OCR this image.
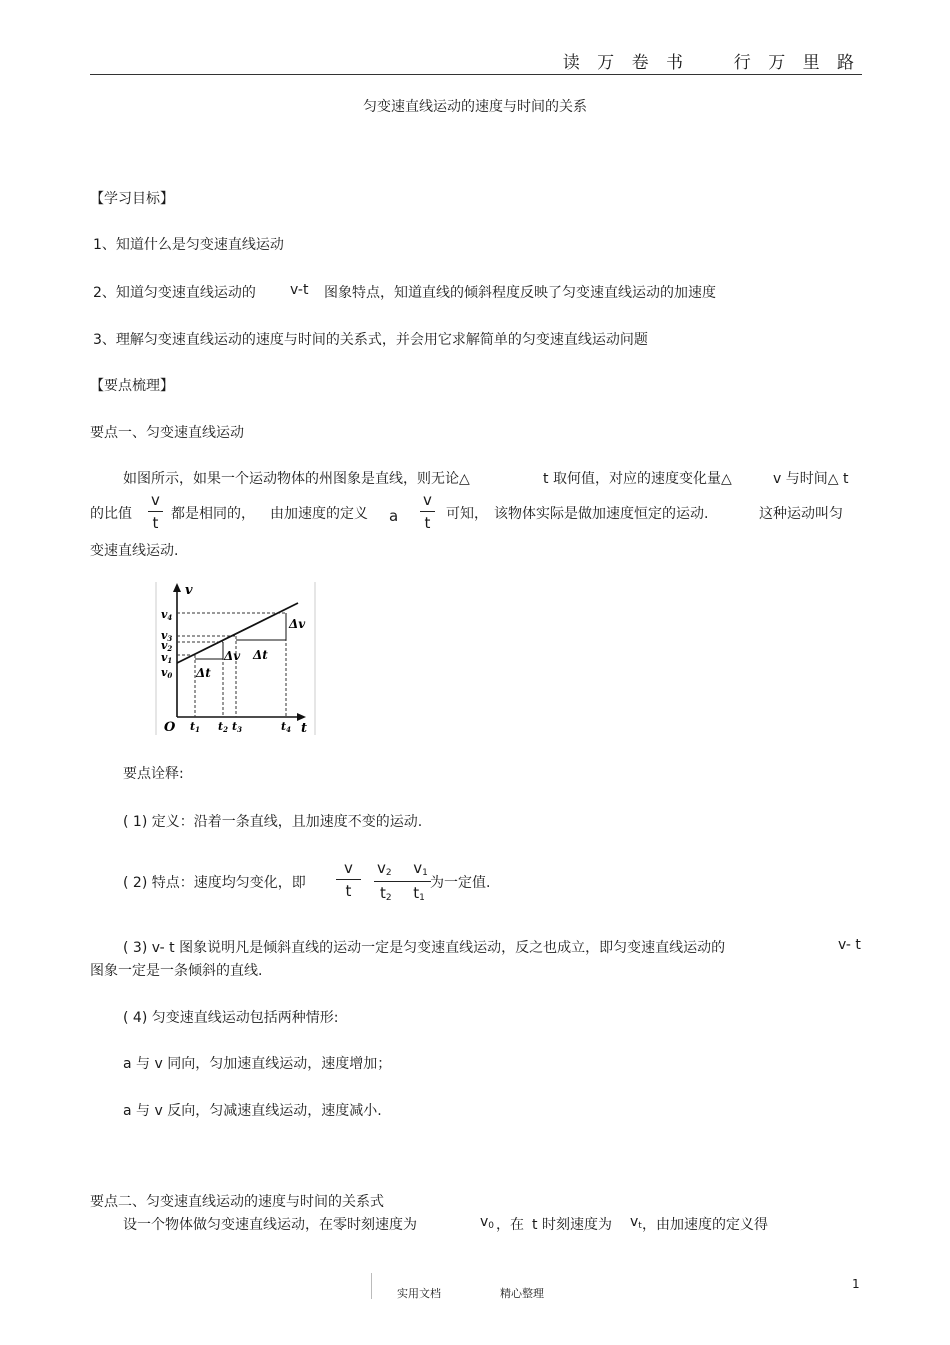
读 万 卷 书	行 万 里 路
匀变速直线运动的速度与时间的关系
【学习目标】
1、知道什么是匀变速直线运动
2、知道匀变速直线运动的 v-t 图象特点，知道直线的倾斜程度反映了匀变速直线运动的加速度
3、理解匀变速直线运动的速度与时间的关系式，并会用它求解简单的匀变速直线运动问题
【要点梳理】
要点一、匀变速直线运动
如图所示，如果一个运动物体的州图象是直线，则无论△	t 取何值，对应的速度变化量△	v 与时间△ t
的比值
v
t 都是相同的， 由加速度的定义 a
v
t	可知， 该物体实际是做加速度恒定的运动.	这种运动叫匀
变速直线运动.
v
t
O
v4
v3
v2
v1
v0
t1 t2 t3	t4
Δt
Δv Δt
Δv
要点诠释:
( 1) 定义：沿着一条直线，且加速度不变的运动.
( 2) 特点：速度均匀变化，即
v
t
$v_2$ $v_1$
$t_2$ $t_1$
为一定值.
( 3) v- t 图象说明凡是倾斜直线的运动一定是匀变速直线运动，反之也成立，即匀变速直线运动的	v- t
图象一定是一条倾斜的直线.
( 4) 匀变速直线运动包括两种情形:
a 与 v 同向，匀加速直线运动，速度增加；
a 与 v 反向，匀减速直线运动，速度减小.
要点二、匀变速直线运动的速度与时间的关系式
设一个物体做匀变速直线运动，在零时刻速度为	$v_0$ ，在 t 时刻速度为 $v_t$ ，由加速度的定义得
实用文档	精心整理
1
